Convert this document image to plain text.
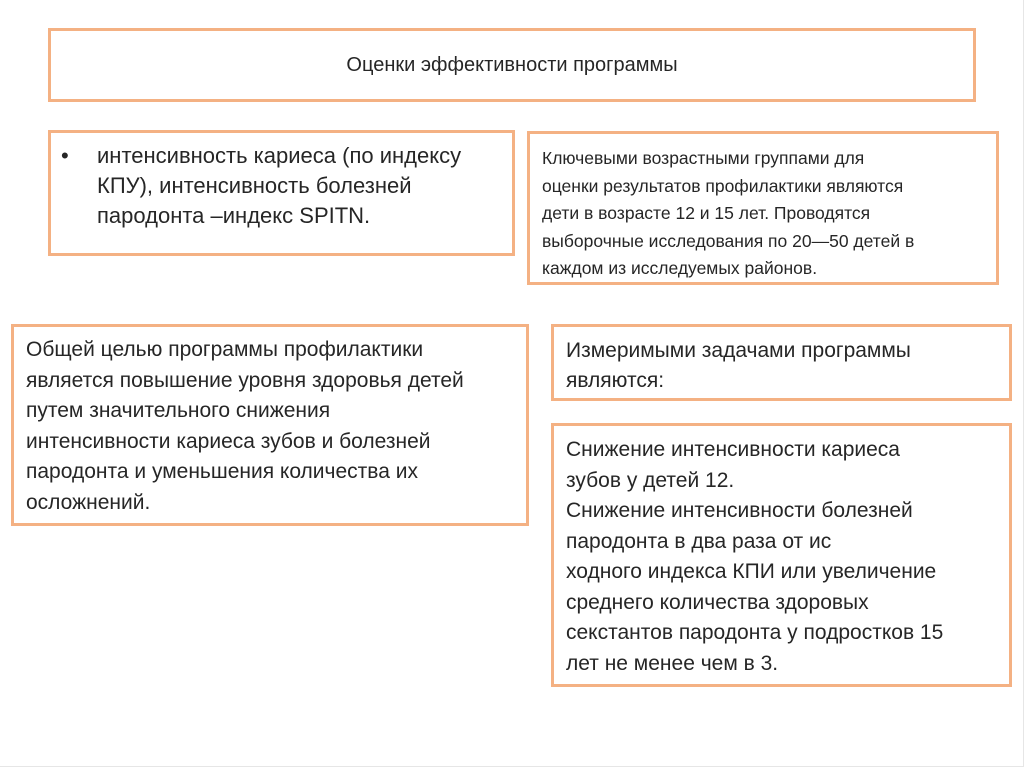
Оценки эффективности программы
•	интенсивность кариеса (по индексу
КПУ), интенсивность болезней
пародонта –индекс SPITN.
Ключевыми возрастными группами для
оценки результатов профилактики являются
дети в возрасте 12 и 15 лет. Проводятся
выборочные исследования по 20—50 детей в
каждом из исследуемых районов.
Общей целью программы профилактики
является повышение уровня здоровья детей
путем значительного снижения
интенсивности кариеса зубов и болезней
пародонта и уменьшения количества их
осложнений.
Измеримыми задачами программы
являются:
Снижение интенсивности кариеса
зубов у детей 12.
Снижение интенсивности болезней
пародонта в два раза от ис
ходного индекса КПИ или увеличение
среднего количества здоровых
секстантов пародонта у подростков 15
лет не менее чем в 3.
